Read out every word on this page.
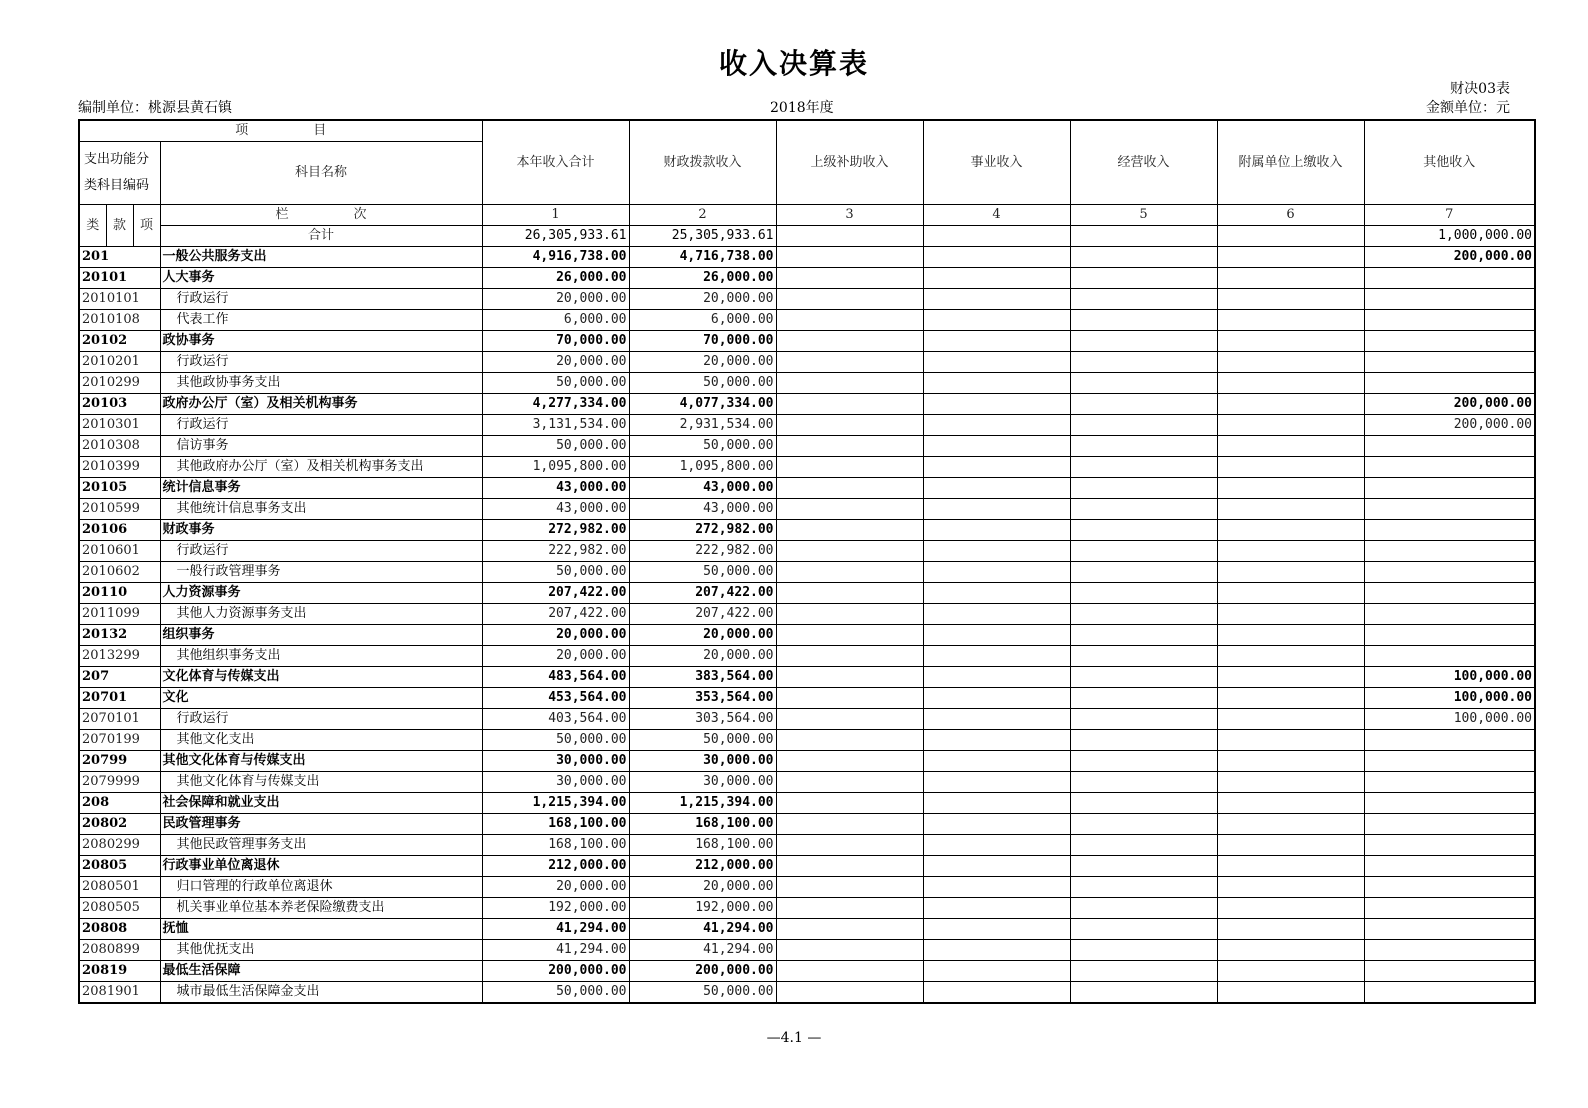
收入决算表
财决03表
编制单位：桃源县黄石镇	2018年度	金额单位：元
项　　　　　目				本年收入合计	财政拨款收入	上级补助收入	事业收入	经营收入	附属单位上缴收入	其他收入

支出功能分
类科目编码			科目名称							
类	款	项	栏　　　　　次	1	2	3	4	5	6	7
			合计	26,305,933.61	25,305,933.61					1,000,000.00
201			一般公共服务支出	4,916,738.00	4,716,738.00					200,000.00
20101			人大事务	26,000.00	26,000.00					
2010101			行政运行	20,000.00	20,000.00					
2010108			代表工作	6,000.00	6,000.00					
20102			政协事务	70,000.00	70,000.00					
2010201			行政运行	20,000.00	20,000.00					
2010299			其他政协事务支出	50,000.00	50,000.00					
20103			政府办公厅（室）及相关机构事务	4,277,334.00	4,077,334.00					200,000.00
2010301			行政运行	3,131,534.00	2,931,534.00					200,000.00
2010308			信访事务	50,000.00	50,000.00					
2010399			其他政府办公厅（室）及相关机构事务支出	1,095,800.00	1,095,800.00					
20105			统计信息事务	43,000.00	43,000.00					
2010599			其他统计信息事务支出	43,000.00	43,000.00					
20106			财政事务	272,982.00	272,982.00					
2010601			行政运行	222,982.00	222,982.00					
2010602			一般行政管理事务	50,000.00	50,000.00					
20110			人力资源事务	207,422.00	207,422.00					
2011099			其他人力资源事务支出	207,422.00	207,422.00					
20132			组织事务	20,000.00	20,000.00					
2013299			其他组织事务支出	20,000.00	20,000.00					
207			文化体育与传媒支出	483,564.00	383,564.00					100,000.00
20701			文化	453,564.00	353,564.00					100,000.00
2070101			行政运行	403,564.00	303,564.00					100,000.00
2070199			其他文化支出	50,000.00	50,000.00					
20799			其他文化体育与传媒支出	30,000.00	30,000.00					
2079999			其他文化体育与传媒支出	30,000.00	30,000.00					
208			社会保障和就业支出	1,215,394.00	1,215,394.00					
20802			民政管理事务	168,100.00	168,100.00					
2080299			其他民政管理事务支出	168,100.00	168,100.00					
20805			行政事业单位离退休	212,000.00	212,000.00					
2080501			归口管理的行政单位离退休	20,000.00	20,000.00					
2080505			机关事业单位基本养老保险缴费支出	192,000.00	192,000.00					
20808			抚恤	41,294.00	41,294.00					
2080899			其他优抚支出	41,294.00	41,294.00					
20819			最低生活保障	200,000.00	200,000.00					
2081901			城市最低生活保障金支出	50,000.00	50,000.00					
—4.1 —
